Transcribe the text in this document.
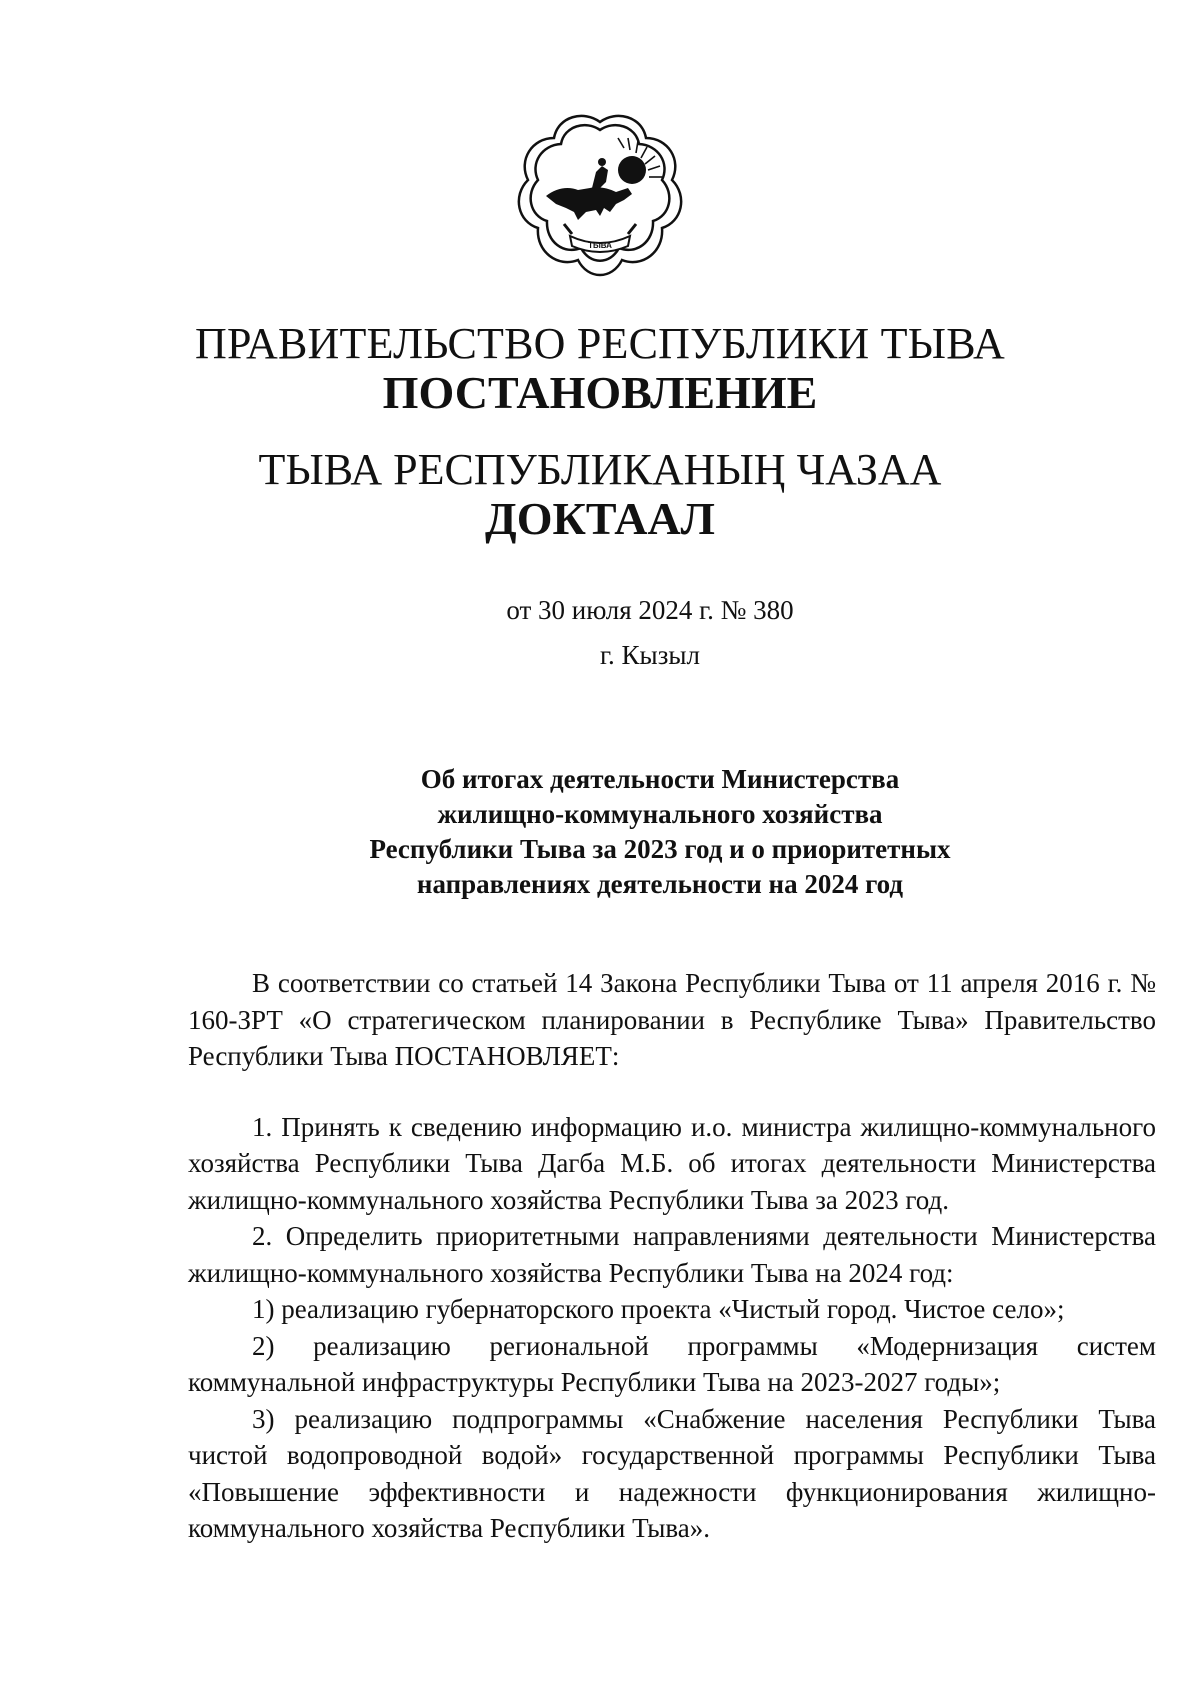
ТЫВА
ПРАВИТЕЛЬСТВО РЕСПУБЛИКИ ТЫВА
ПОСТАНОВЛЕНИЕ
ТЫВА РЕСПУБЛИКАНЫҢ ЧАЗАА
ДОКТААЛ
от 30 июля 2024 г. № 380
г. Кызыл
Об итогах деятельности Министерства
жилищно-коммунального хозяйства
Республики Тыва за 2023 год и о приоритетных
направлениях деятельности на 2024 год

В соответствии со статьей 14 Закона Республики Тыва от 11 апреля 2016 г. № 160-ЗРТ «О стратегическом планировании в Республике Тыва» Правительство Республики Тыва ПОСТАНОВЛЯЕТ:

1. Принять к сведению информацию и.о. министра жилищно-коммунального хозяйства Республики Тыва Дагба М.Б. об итогах деятельности Министерства жилищно-коммунального хозяйства Республики Тыва за 2023 год.

2. Определить приоритетными направлениями деятельности Министерства жилищно-коммунального хозяйства Республики Тыва на 2024 год:

1) реализацию губернаторского проекта «Чистый город. Чистое село»;

2) реализацию региональной программы «Модернизация систем коммунальной инфраструктуры Республики Тыва на 2023-2027 годы»;

3) реализацию подпрограммы «Снабжение населения Республики Тыва чистой водопроводной водой» государственной программы Республики Тыва «Повышение эффективности и надежности функционирования жилищно-коммунального хозяйства Республики Тыва».
